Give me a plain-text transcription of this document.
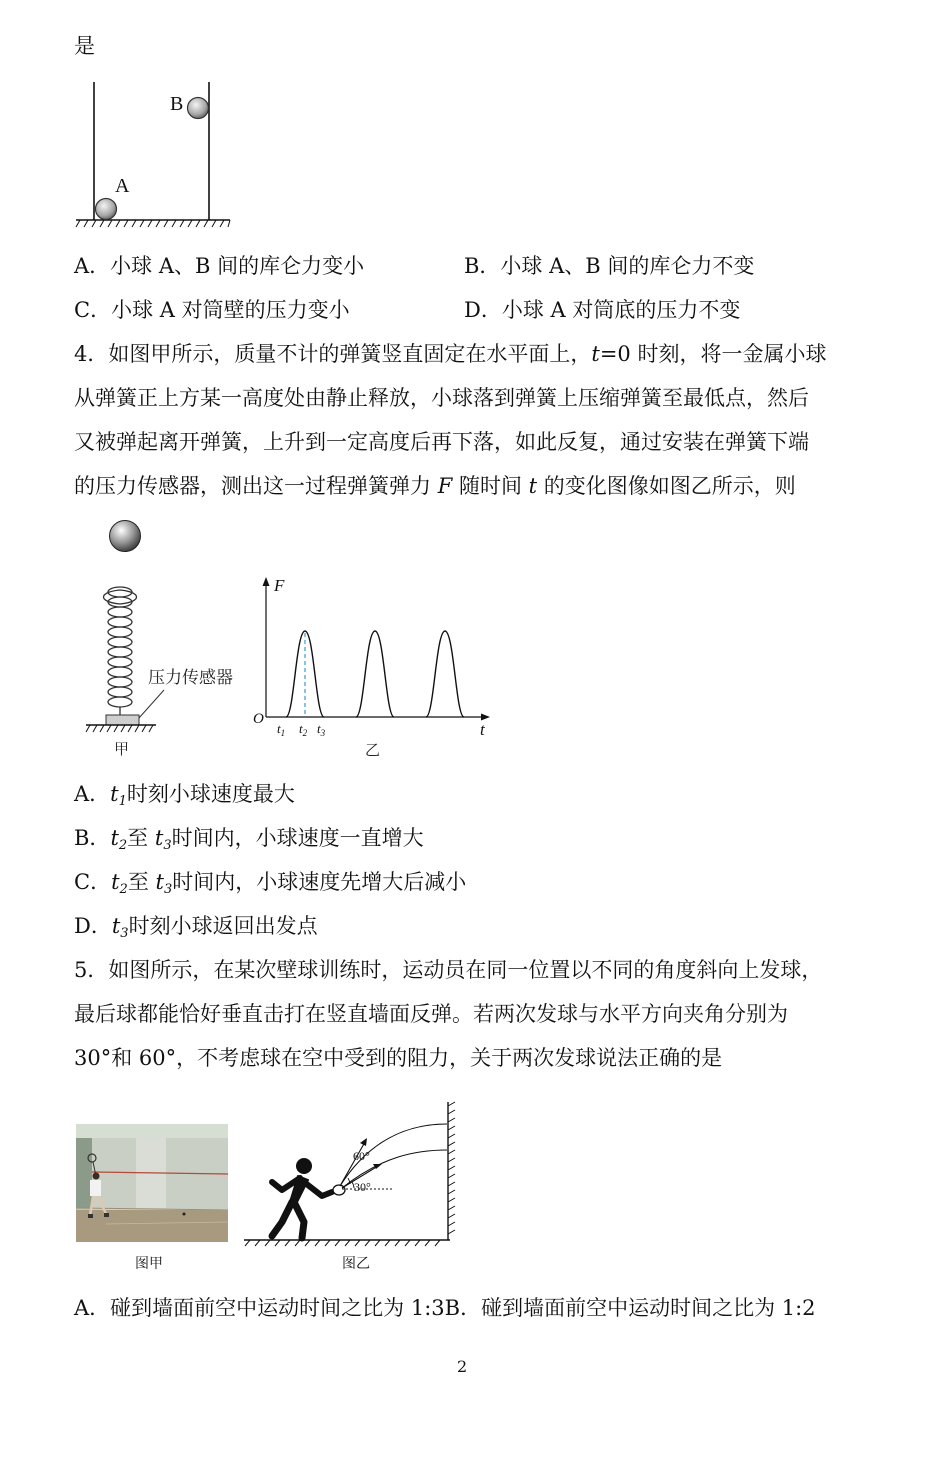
是
A
B
A．小球 A、B 间的库仑力变小	B．小球 A、B 间的库仑力不变
C．小球 A 对筒壁的压力变小	D．小球 A 对筒底的压力不变
4．如图甲所示，质量不计的弹簧竖直固定在水平面上，t=0 时刻，将一金属小球
从弹簧正上方某一高度处由静止释放，小球落到弹簧上压缩弹簧至最低点，然后
又被弹起离开弹簧，上升到一定高度后再下落，如此反复，通过安装在弹簧下端
的压力传感器，测出这一过程弹簧弹力 F 随时间 t 的变化图像如图乙所示，则
压力传感器
甲
F
t
O
$t_1$ $t_2$ $t_3$
乙
A．$t_1$时刻小球速度最大
B．$t_2$至 $t_3$时间内，小球速度一直增大
C．$t_2$至 $t_3$时间内，小球速度先增大后减小
D．$t_3$时刻小球返回出发点
5．如图所示，在某次壁球训练时，运动员在同一位置以不同的角度斜向上发球，
最后球都能恰好垂直击打在竖直墙面反弹。若两次发球与水平方向夹角分别为
30°和 60°，不考虑球在空中受到的阻力，关于两次发球说法正确的是
图甲
60°
30°
图乙
A．碰到墙面前空中运动时间之比为 1:3B．碰到墙面前空中运动时间之比为 1:2
2
